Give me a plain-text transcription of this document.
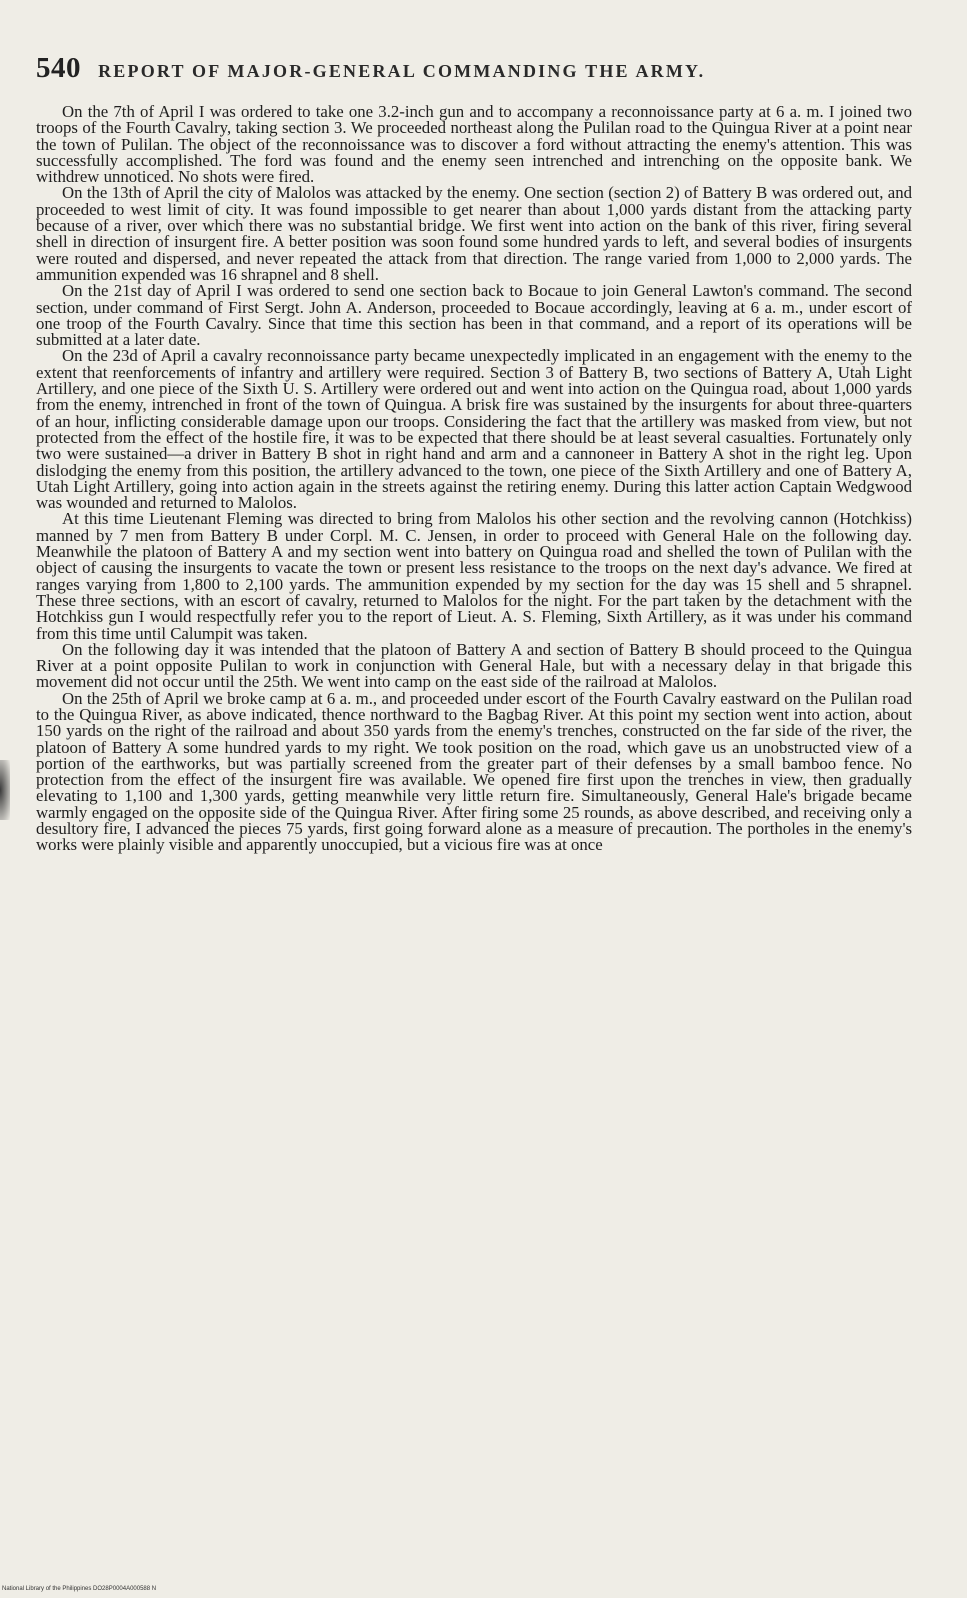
540 REPORT OF MAJOR-GENERAL COMMANDING THE ARMY.

On the 7th of April I was ordered to take one 3.2-inch gun and to accompany a reconnoissance party at 6 a. m. I joined two troops of the Fourth Cavalry, taking section 3. We proceeded northeast along the Pulilan road to the Quingua River at a point near the town of Pulilan. The object of the reconnoissance was to discover a ford without attracting the enemy's attention. This was successfully accomplished. The ford was found and the enemy seen intrenched and intrenching on the opposite bank. We withdrew unnoticed. No shots were fired.

On the 13th of April the city of Malolos was attacked by the enemy. One section (section 2) of Battery B was ordered out, and proceeded to west limit of city. It was found impossible to get nearer than about 1,000 yards distant from the attacking party because of a river, over which there was no substantial bridge. We first went into action on the bank of this river, firing several shell in direction of insurgent fire. A better position was soon found some hundred yards to left, and several bodies of insurgents were routed and dispersed, and never repeated the attack from that direction. The range varied from 1,000 to 2,000 yards. The ammunition expended was 16 shrapnel and 8 shell.

On the 21st day of April I was ordered to send one section back to Bocaue to join General Lawton's command. The second section, under command of First Sergt. John A. Anderson, proceeded to Bocaue accordingly, leaving at 6 a. m., under escort of one troop of the Fourth Cavalry. Since that time this section has been in that command, and a report of its operations will be submitted at a later date.

On the 23d of April a cavalry reconnoissance party became unexpectedly implicated in an engagement with the enemy to the extent that reenforcements of infantry and artillery were required. Section 3 of Battery B, two sections of Battery A, Utah Light Artillery, and one piece of the Sixth U. S. Artillery were ordered out and went into action on the Quingua road, about 1,000 yards from the enemy, intrenched in front of the town of Quingua. A brisk fire was sustained by the insurgents for about three-quarters of an hour, inflicting considerable damage upon our troops. Considering the fact that the artillery was masked from view, but not protected from the effect of the hostile fire, it was to be expected that there should be at least several casualties. Fortunately only two were sustained—a driver in Battery B shot in right hand and arm and a cannoneer in Battery A shot in the right leg. Upon dislodging the enemy from this position, the artillery advanced to the town, one piece of the Sixth Artillery and one of Battery A, Utah Light Artillery, going into action again in the streets against the retiring enemy. During this latter action Captain Wedgwood was wounded and returned to Malolos.

At this time Lieutenant Fleming was directed to bring from Malolos his other section and the revolving cannon (Hotchkiss) manned by 7 men from Battery B under Corpl. M. C. Jensen, in order to proceed with General Hale on the following day. Meanwhile the platoon of Battery A and my section went into battery on Quingua road and shelled the town of Pulilan with the object of causing the insurgents to vacate the town or present less resistance to the troops on the next day's advance. We fired at ranges varying from 1,800 to 2,100 yards. The ammunition expended by my section for the day was 15 shell and 5 shrapnel. These three sections, with an escort of cavalry, returned to Malolos for the night. For the part taken by the detachment with the Hotchkiss gun I would respectfully refer you to the report of Lieut. A. S. Fleming, Sixth Artillery, as it was under his command from this time until Calumpit was taken.

On the following day it was intended that the platoon of Battery A and section of Battery B should proceed to the Quingua River at a point opposite Pulilan to work in conjunction with General Hale, but with a necessary delay in that brigade this movement did not occur until the 25th. We went into camp on the east side of the railroad at Malolos.

On the 25th of April we broke camp at 6 a. m., and proceeded under escort of the Fourth Cavalry eastward on the Pulilan road to the Quingua River, as above indicated, thence northward to the Bagbag River. At this point my section went into action, about 150 yards on the right of the railroad and about 350 yards from the enemy's trenches, constructed on the far side of the river, the platoon of Battery A some hundred yards to my right. We took position on the road, which gave us an unobstructed view of a portion of the earthworks, but was partially screened from the greater part of their defenses by a small bamboo fence. No protection from the effect of the insurgent fire was available. We opened fire first upon the trenches in view, then gradually elevating to 1,100 and 1,300 yards, getting meanwhile very little return fire. Simultaneously, General Hale's brigade became warmly engaged on the opposite side of the Quingua River. After firing some 25 rounds, as above described, and receiving only a desultory fire, I advanced the pieces 75 yards, first going forward alone as a measure of precaution. The portholes in the enemy's works were plainly visible and apparently unoccupied, but a vicious fire was at once

National Library of the Philippines DO28P0004A000588 N
